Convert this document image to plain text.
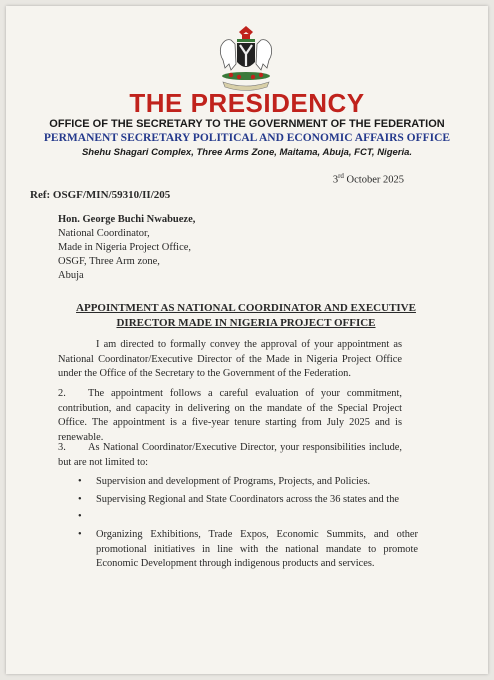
THE PRESIDENCY
OFFICE OF THE SECRETARY TO THE GOVERNMENT OF THE FEDERATION
PERMANENT SECRETARY POLITICAL AND ECONOMIC AFFAIRS OFFICE
Shehu Shagari Complex, Three Arms Zone, Maitama, Abuja, FCT, Nigeria.
3rd October 2025
Ref: OSGF/MIN/59310/II/205
Hon. George Buchi Nwabueze,
National Coordinator,
Made in Nigeria Project Office,
OSGF, Three Arm zone,
Abuja
APPOINTMENT AS NATIONAL COORDINATOR AND EXECUTIVE
DIRECTOR MADE IN NIGERIA PROJECT OFFICE
I am directed to formally convey the approval of your appointment as National Coordinator/Executive Director of the Made in Nigeria Project Office under the Office of the Secretary to the Government of the Federation.
2. The appointment follows a careful evaluation of your commitment, contribution, and capacity in delivering on the mandate of the Special Project Office. The appointment is a five-year tenure starting from July 2025 and is renewable.
3. As National Coordinator/Executive Director, your responsibilities include, but are not limited to:
• Supervision and development of Programs, Projects, and Policies.
• Supervising Regional and State Coordinators across the 36 states and the
•
• Organizing Exhibitions, Trade Expos, Economic Summits, and other promotional initiatives in line with the national mandate to promote Economic Development through indigenous products and services.
